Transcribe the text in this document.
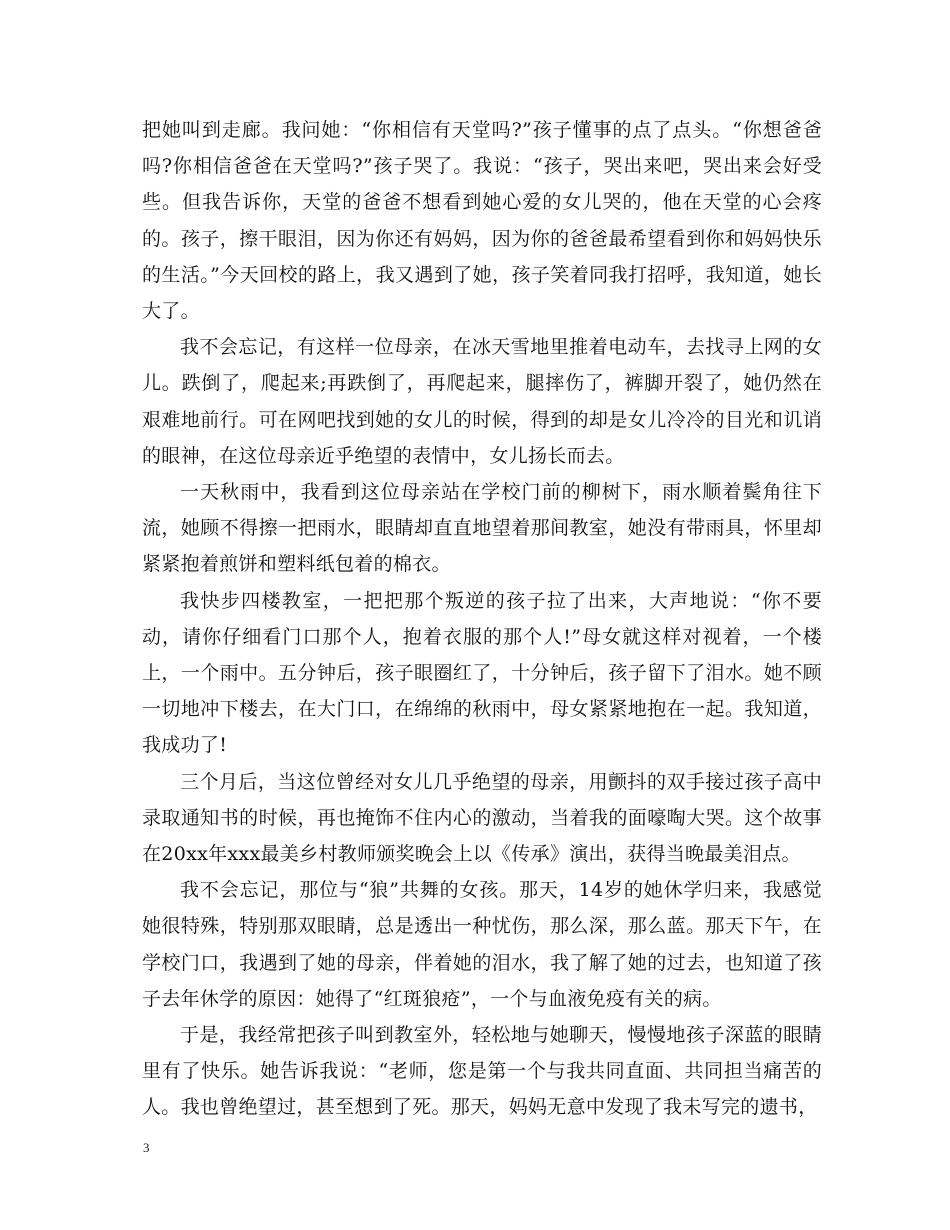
把她叫到走廊。我问她：“你相信有天堂吗?”孩子懂事的点了点头。“你想爸爸吗?你相信爸爸在天堂吗?”孩子哭了。我说：“孩子，哭出来吧，哭出来会好受些。但我告诉你，天堂的爸爸不想看到她心爱的女儿哭的，他在天堂的心会疼的。孩子，擦干眼泪，因为你还有妈妈，因为你的爸爸最希望看到你和妈妈快乐的生活。”今天回校的路上，我又遇到了她，孩子笑着同我打招呼，我知道，她长大了。

我不会忘记，有这样一位母亲，在冰天雪地里推着电动车，去找寻上网的女儿。跌倒了，爬起来;再跌倒了，再爬起来，腿摔伤了，裤脚开裂了，她仍然在艰难地前行。可在网吧找到她的女儿的时候，得到的却是女儿冷冷的目光和讥诮的眼神，在这位母亲近乎绝望的表情中，女儿扬长而去。

一天秋雨中，我看到这位母亲站在学校门前的柳树下，雨水顺着鬓角往下流，她顾不得擦一把雨水，眼睛却直直地望着那间教室，她没有带雨具，怀里却紧紧抱着煎饼和塑料纸包着的棉衣。

我快步四楼教室，一把把那个叛逆的孩子拉了出来，大声地说：“你不要动，请你仔细看门口那个人，抱着衣服的那个人!”母女就这样对视着，一个楼上，一个雨中。五分钟后，孩子眼圈红了，十分钟后，孩子留下了泪水。她不顾一切地冲下楼去，在大门口，在绵绵的秋雨中，母女紧紧地抱在一起。我知道，我成功了!

三个月后，当这位曾经对女儿几乎绝望的母亲，用颤抖的双手接过孩子高中录取通知书的时候，再也掩饰不住内心的激动，当着我的面嚎啕大哭。这个故事在20xx年xxx最美乡村教师颁奖晚会上以《传承》演出，获得当晚最美泪点。

我不会忘记，那位与“狼”共舞的女孩。那天，14岁的她休学归来，我感觉她很特殊，特别那双眼睛，总是透出一种忧伤，那么深，那么蓝。那天下午，在学校门口，我遇到了她的母亲，伴着她的泪水，我了解了她的过去，也知道了孩子去年休学的原因：她得了“红斑狼疮”，一个与血液免疫有关的病。

于是，我经常把孩子叫到教室外，轻松地与她聊天，慢慢地孩子深蓝的眼睛里有了快乐。她告诉我说：“老师，您是第一个与我共同直面、共同担当痛苦的人。我也曾绝望过，甚至想到了死。那天，妈妈无意中发现了我未写完的遗书，

3
